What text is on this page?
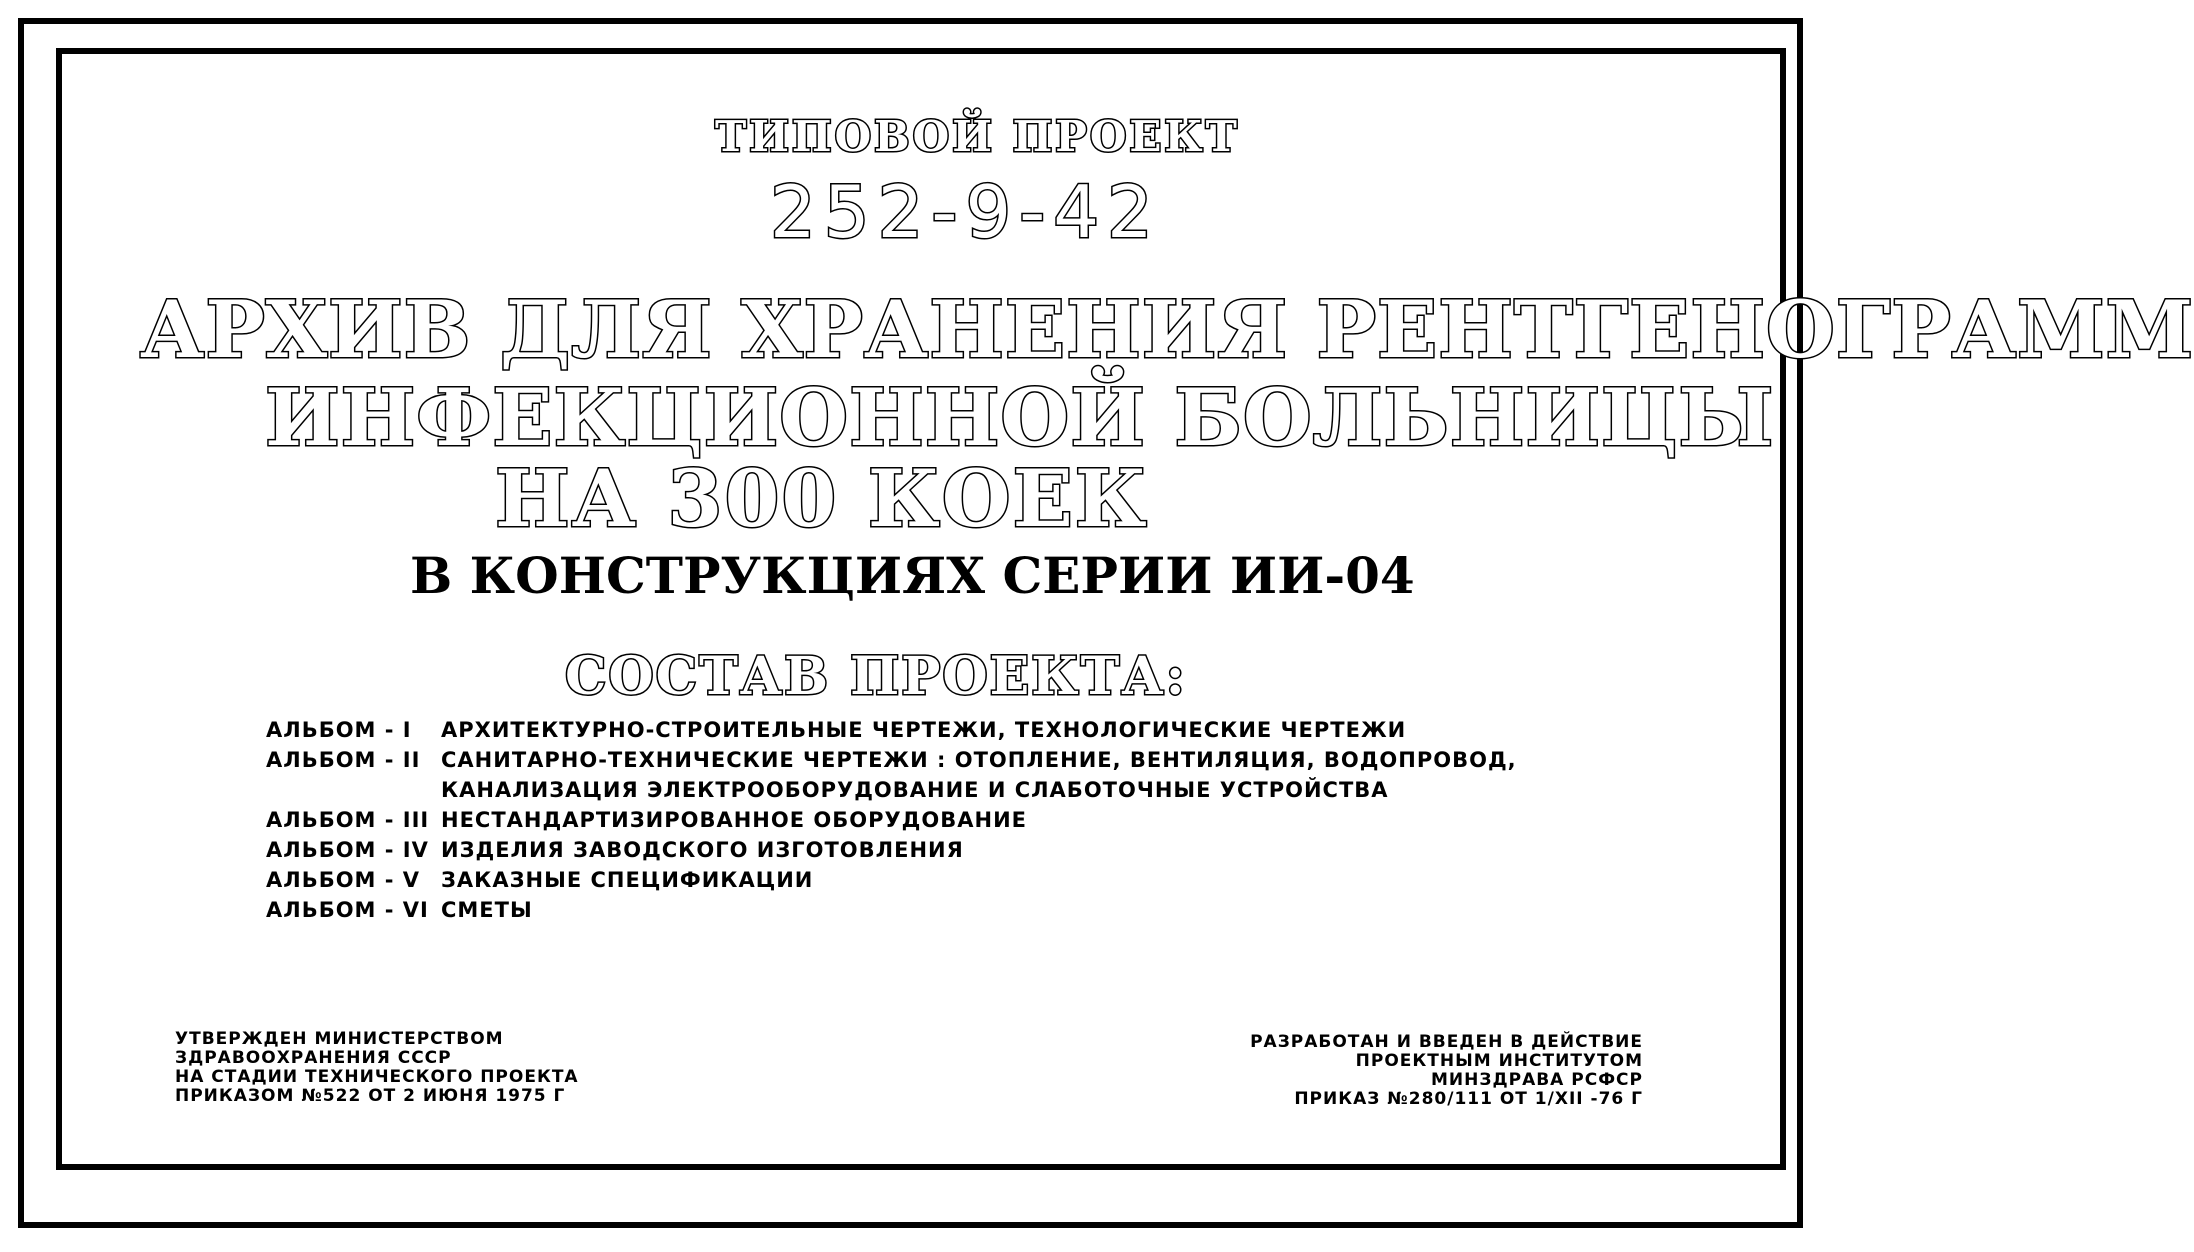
ТИПОВОЙ ПРОЕКТ
252-9-42
АРХИВ ДЛЯ ХРАНЕНИЯ РЕНТГЕНОГРАММ
ИНФЕКЦИОННОЙ БОЛЬНИЦЫ
НА 300 КОЕК
В КОНСТРУКЦИЯХ СЕРИИ ИИ-04
СОСТАВ ПРОЕКТА:
АЛЬБОМ - I	АРХИТЕКТУРНО-СТРОИТЕЛЬНЫЕ ЧЕРТЕЖИ, ТЕХНОЛОГИЧЕСКИЕ ЧЕРТЕЖИ
АЛЬБОМ - II САНИТАРНО-ТЕХНИЧЕСКИЕ ЧЕРТЕЖИ : ОТОПЛЕНИЕ, ВЕНТИЛЯЦИЯ, ВОДОПРОВОД,
КАНАЛИЗАЦИЯ ЭЛЕКТРООБОРУДОВАНИЕ И СЛАБОТОЧНЫЕ УСТРОЙСТВА
АЛЬБОМ - III НЕСТАНДАРТИЗИРОВАННОЕ ОБОРУДОВАНИЕ
АЛЬБОМ - IV ИЗДЕЛИЯ ЗАВОДСКОГО ИЗГОТОВЛЕНИЯ
АЛЬБОМ - V ЗАКАЗНЫЕ СПЕЦИФИКАЦИИ
АЛЬБОМ - VI СМЕТЫ
УТВЕРЖДЕН МИНИСТЕРСТВОМ
ЗДРАВООХРАНЕНИЯ СССР
НА СТАДИИ ТЕХНИЧЕСКОГО ПРОЕКТА
ПРИКАЗОМ №522 ОТ 2 ИЮНЯ 1975 Г
РАЗРАБОТАН И ВВЕДЕН В ДЕЙСТВИЕ
ПРОЕКТНЫМ ИНСТИТУТОМ
МИНЗДРАВА РСФСР
ПРИКАЗ №280/111 ОТ 1/XII -76 Г
